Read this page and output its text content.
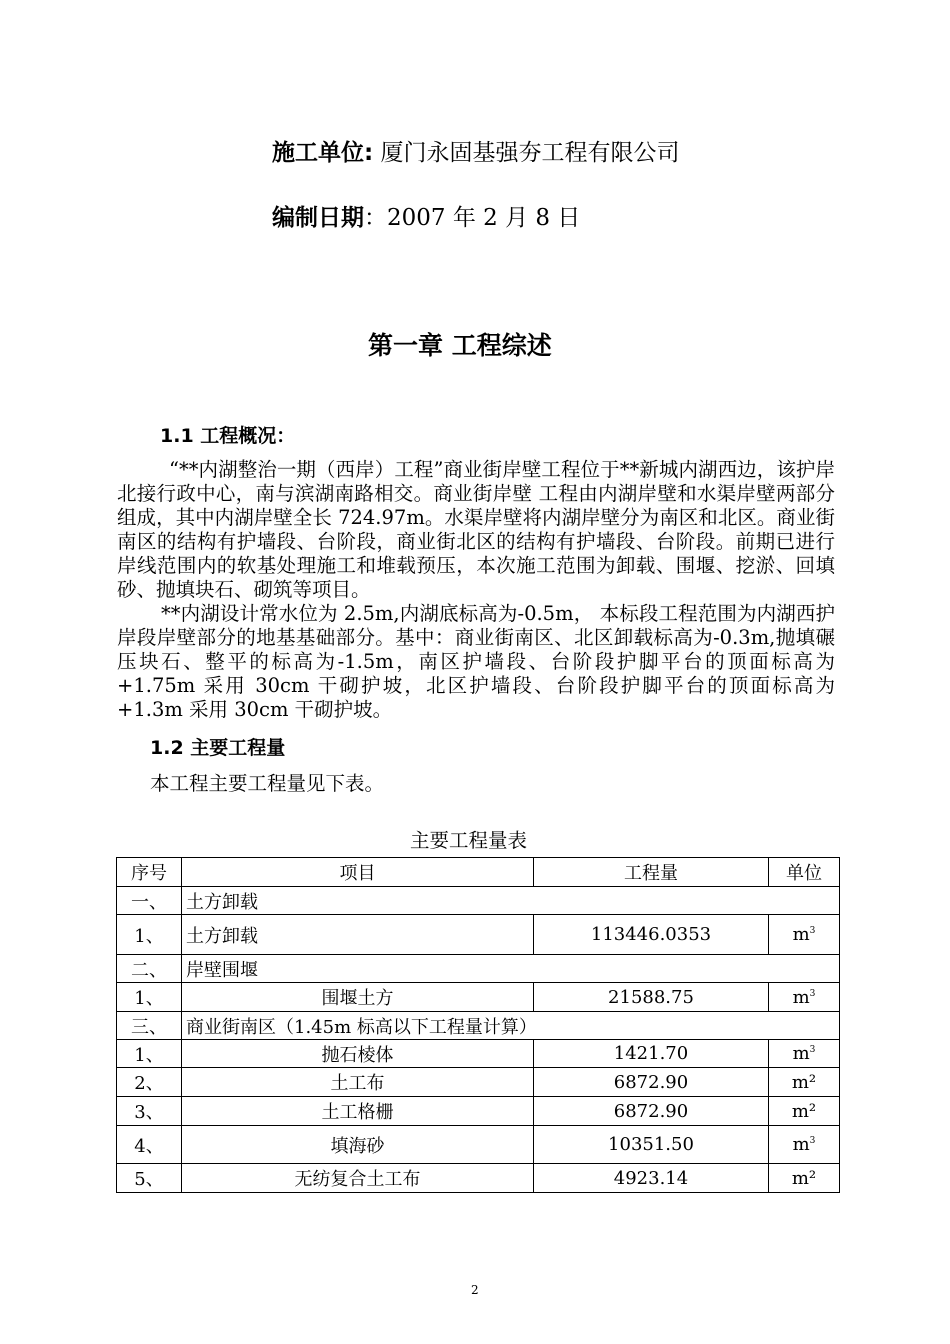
施工单位: 厦门永固基强夯工程有限公司
编制日期：2007 年 2 月 8 日
第一章 工程综述
1.1 工程概况：

“**内湖整治一期（西岸）工程”商业街岸壁工程位于**新城内湖西边，该护岸北接行政中心，南与滨湖南路相交。商业街岸壁 工程由内湖岸壁和水渠岸壁两部分组成，其中内湖岸壁全长 724.97m。水渠岸壁将内湖岸壁分为南区和北区。商业街南区的结构有护墙段、台阶段，商业街北区的结构有护墙段、台阶段。前期已进行岸线范围内的软基处理施工和堆载预压，本次施工范围为卸载、围堰、挖淤、回填砂、抛填块石、砌筑等项目。

**内湖设计常水位为 2.5m,内湖底标高为-0.5m， 本标段工程范围为内湖西护岸段岸壁部分的地基基础部分。基中：商业街南区、北区卸载标高为-0.3m,抛填碾压块石、整平的标高为-1.5m，南区护墙段、台阶段护脚平台的顶面标高为+1.75m 采用 30cm 干砌护坡，北区护墙段、台阶段护脚平台的顶面标高为+1.3m 采用 30cm 干砌护坡。

1.2 主要工程量
本工程主要工程量见下表。
主要工程量表
序号	项目	工程量	单位
一、	土方卸载		
1、	土方卸载	113446.0353	$m^3$
二、	岸壁围堰		
1、	围堰土方	21588.75	$m^3$
三、	商业街南区（1.45m 标高以下工程量计算）		
1、	抛石棱体	1421.70	$m^3$
2、	土工布	6872.90	m²
3、	土工格栅	6872.90	m²
4、	填海砂	10351.50	$m^3$
5、	无纺复合土工布	4923.14	m²
2
